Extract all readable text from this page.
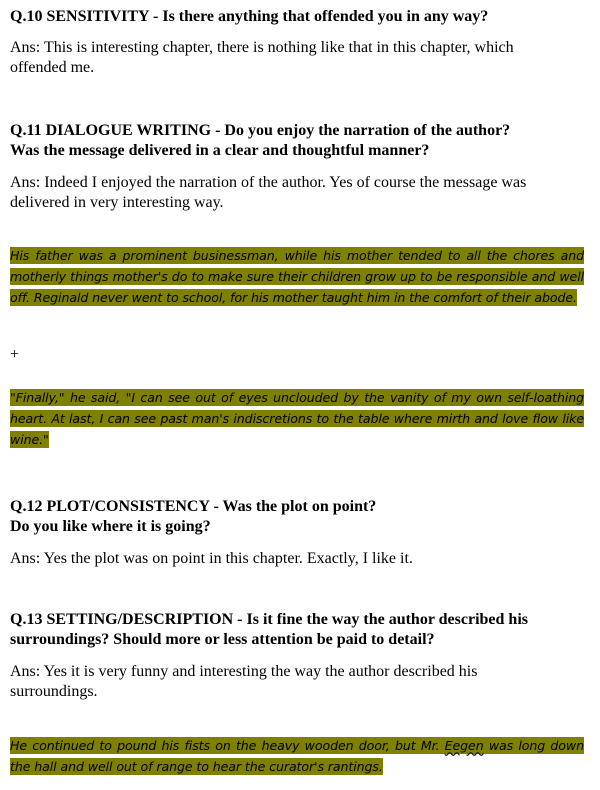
Q.10 SENSITIVITY - Is there anything that offended you in any way?

Ans: This is interesting chapter, there is nothing like that in this chapter, which offended me.

Q.11 DIALOGUE WRITING - Do you enjoy the narration of the author?

Was the message delivered in a clear and thoughtful manner?

Ans: Indeed I enjoyed the narration of the author. Yes of course the message was delivered in very interesting way.

His father was a prominent businessman, while his mother tended to all the chores and motherly things mother's do to make sure their children grow up to be responsible and well off. Reginald never went to school, for his mother taught him in the comfort of their abode.

+

"Finally," he said, "I can see out of eyes unclouded by the vanity of my own self-loathing heart. At last, I can see past man's indiscretions to the table where mirth and love flow like wine."

Q.12 PLOT/CONSISTENCY - Was the plot on point?

Do you like where it is going?

Ans: Yes the plot was on point in this chapter. Exactly, I like it.

Q.13 SETTING/DESCRIPTION - Is it fine the way the author described his

surroundings? Should more or less attention be paid to detail?

Ans: Yes it is very funny and interesting the way the author described his surroundings.

He continued to pound his fists on the heavy wooden door, but Mr. Eegen was long down the hall and well out of range to hear the curator's rantings.
